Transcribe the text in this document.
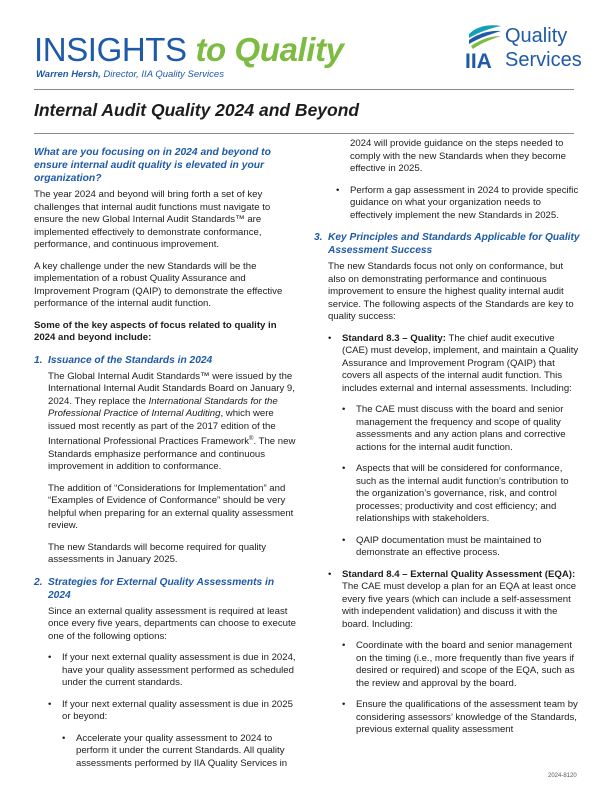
INSIGHTS to Quality
Warren Hersh, Director, IIA Quality Services
Quality
IIA Services
Internal Audit Quality 2024 and Beyond
What are you focusing on in 2024 and beyond to ensure internal audit quality is elevated in your organization?

The year 2024 and beyond will bring forth a set of key challenges that internal audit functions must navigate to ensure the new Global Internal Audit Standards™ are implemented effectively to demonstrate conformance, performance, and continuous improvement.

A key challenge under the new Standards will be the implementation of a robust Quality Assurance and Improvement Program (QAIP) to demonstrate the effective performance of the internal audit function.

Some of the key aspects of focus related to quality in 2024 and beyond include:

1. Issuance of the Standards in 2024

The Global Internal Audit Standards™ were issued by the International Internal Audit Standards Board on January 9, 2024. They replace the International Standards for the Professional Practice of Internal Auditing, which were issued most recently as part of the 2017 edition of the International Professional Practices Framework®. The new Standards emphasize performance and continuous improvement in addition to conformance.

The addition of “Considerations for Implementation” and “Examples of Evidence of Conformance” should be very helpful when preparing for an external quality assessment review.

The new Standards will become required for quality assessments in January 2025.

2. Strategies for External Quality Assessments in 2024

Since an external quality assessment is required at least once every five years, departments can choose to execute one of the following options:

• If your next external quality assessment is due in 2024, have your quality assessment performed as scheduled under the current standards.
• If your next external quality assessment is due in 2025 or beyond:
• Accelerate your quality assessment to 2024 to perform it under the current Standards. All quality assessments performed by IIA Quality Services in

2024 will provide guidance on the steps needed to comply with the new Standards when they become effective in 2025.

• Perform a gap assessment in 2024 to provide specific guidance on what your organization needs to effectively implement the new Standards in 2025.
3. Key Principles and Standards Applicable for Quality Assessment Success

The new Standards focus not only on conformance, but also on demonstrating performance and continuous improvement to ensure the highest quality internal audit service. The following aspects of the Standards are key to quality success:

• Standard 8.3 – Quality: The chief audit executive (CAE) must develop, implement, and maintain a Quality Assurance and Improvement Program (QAIP) that covers all aspects of the internal audit function. This includes external and internal assessments. Including:
• The CAE must discuss with the board and senior management the frequency and scope of quality assessments and any action plans and corrective actions for the internal audit function.
• Aspects that will be considered for conformance, such as the internal audit function’s contribution to the organization’s governance, risk, and control processes; productivity and cost efficiency; and relationships with stakeholders.
• QAIP documentation must be maintained to demonstrate an effective process.
• Standard 8.4 – External Quality Assessment (EQA): The CAE must develop a plan for an EQA at least once every five years (which can include a self-assessment with independent validation) and discuss it with the board. Including:
• Coordinate with the board and senior management on the timing (i.e., more frequently than five years if desired or required) and scope of the EQA, such as the review and approval by the board.
• Ensure the qualifications of the assessment team by considering assessors’ knowledge of the Standards, previous external quality assessment
2024-8120
